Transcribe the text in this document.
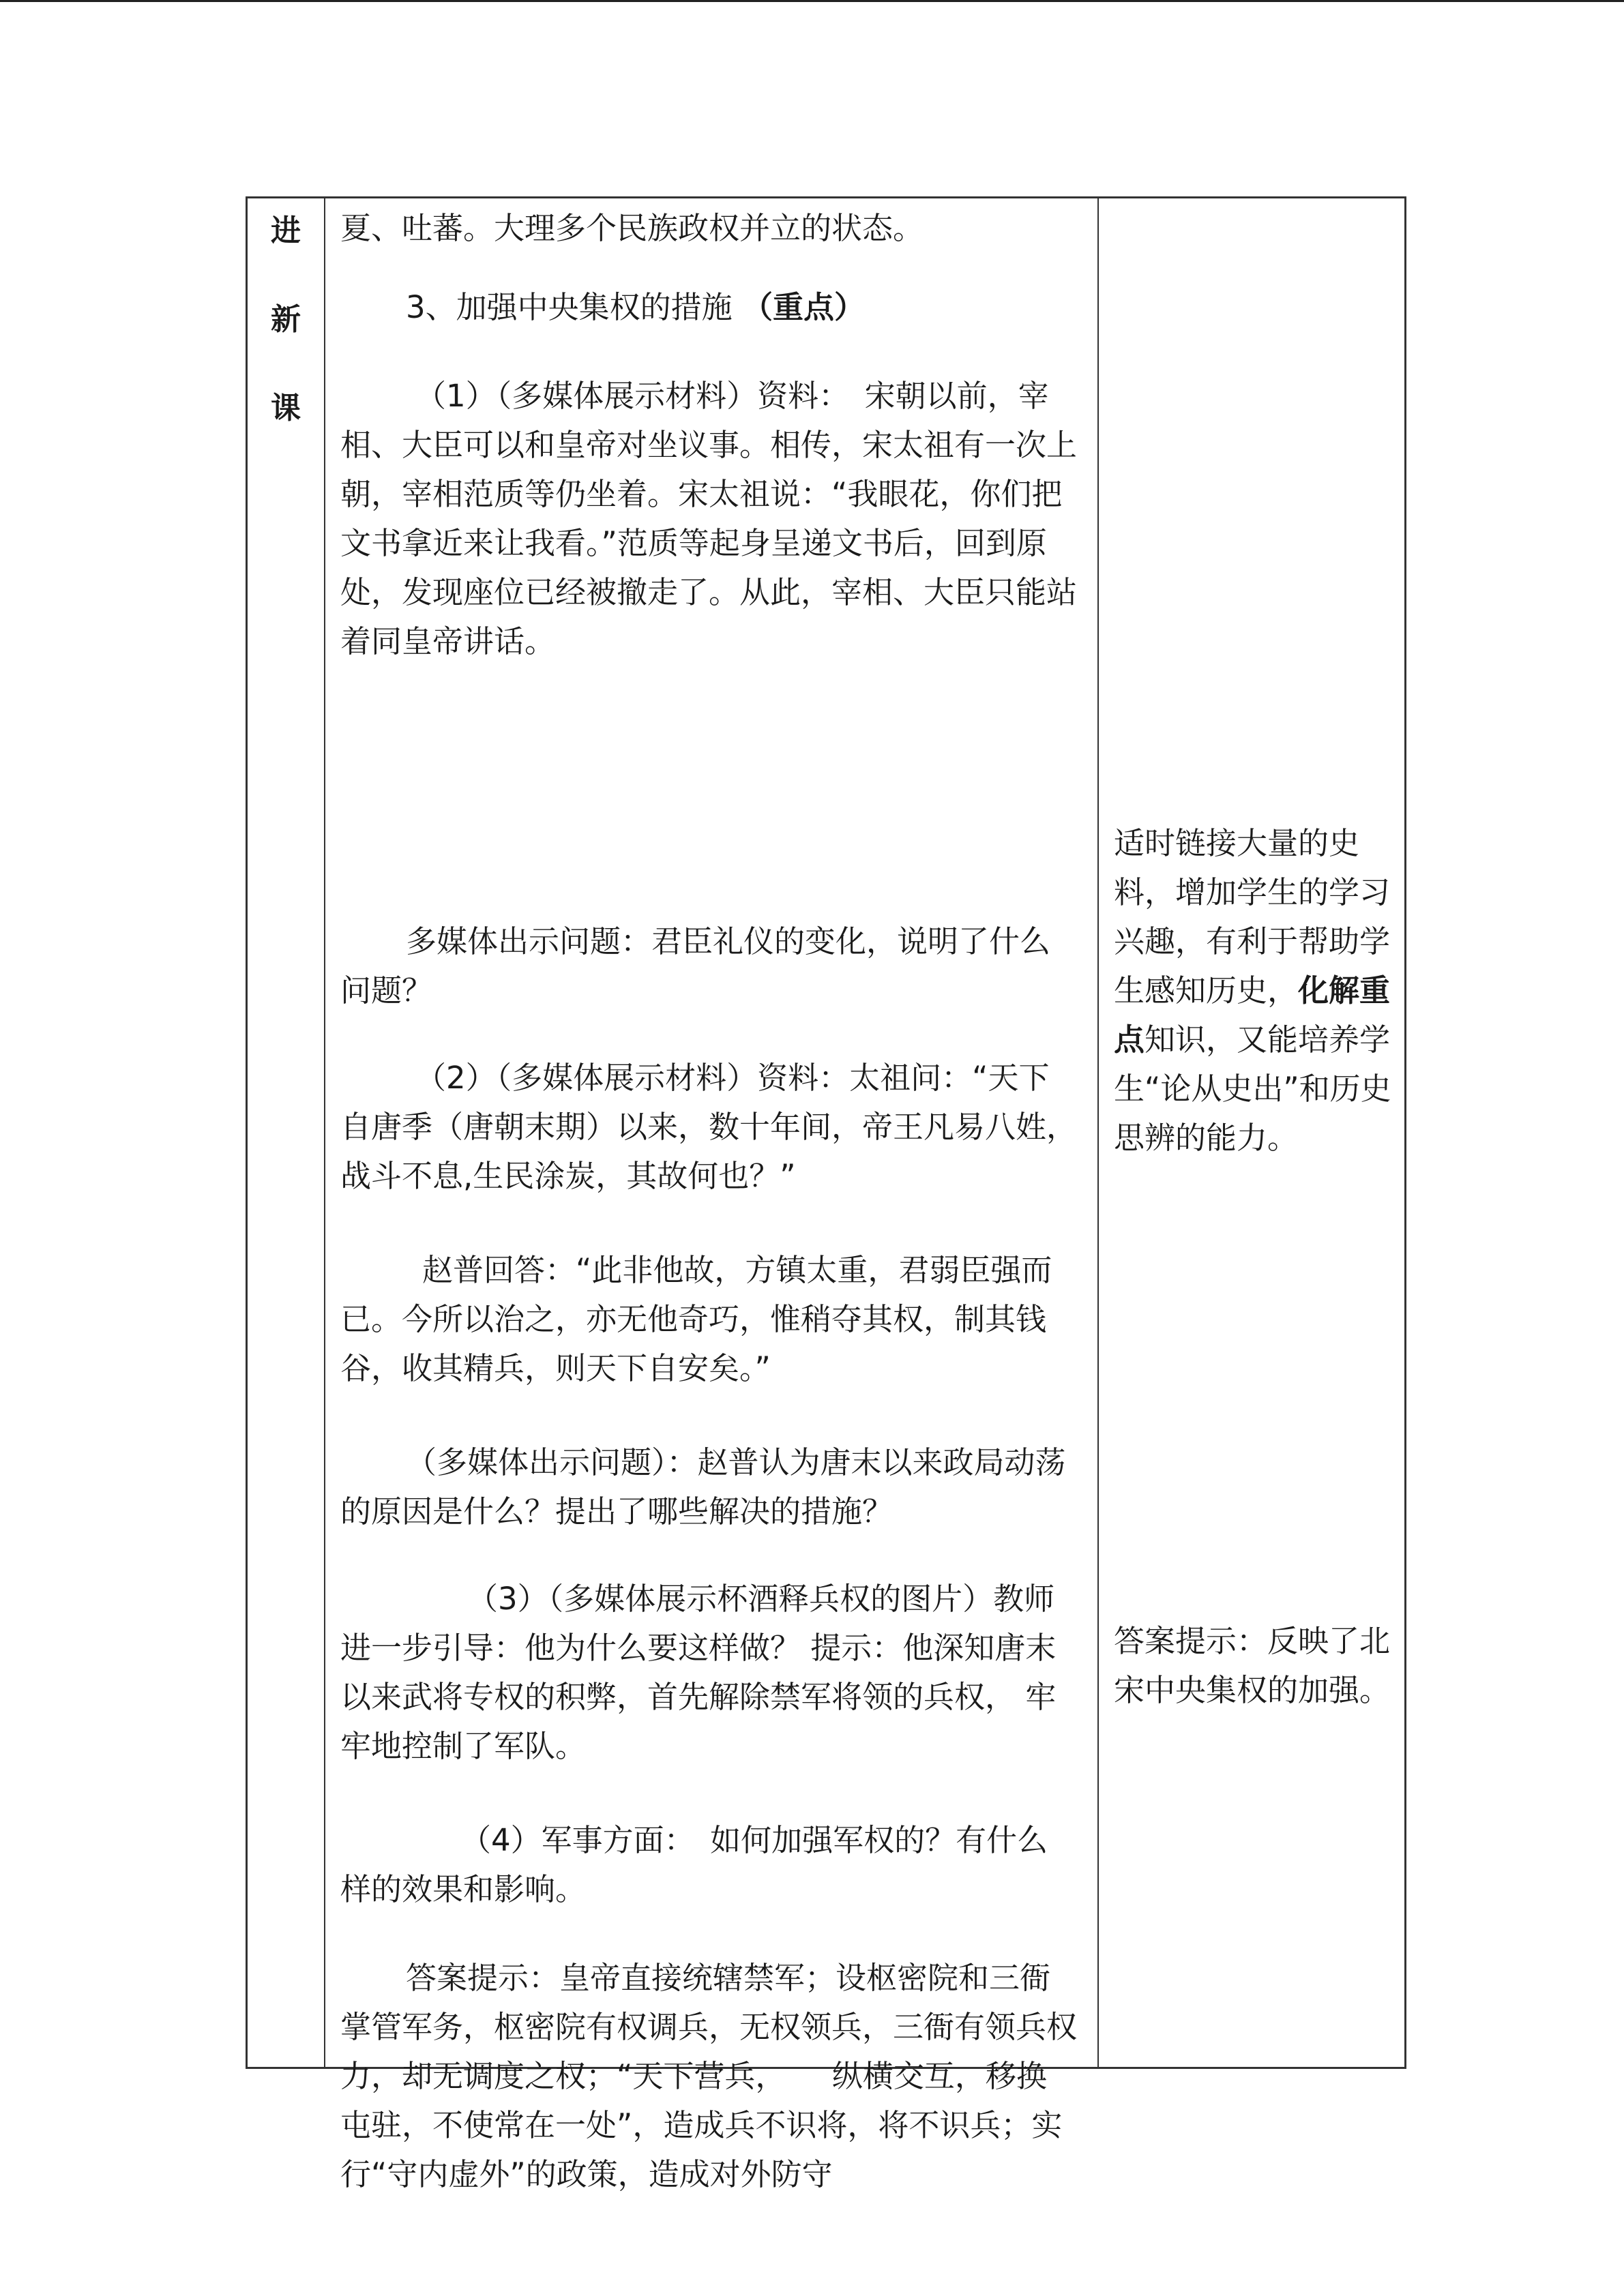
进
新
课

夏、吐蕃。大理多个民族政权并立的状态。

3、加强中央集权的措施 （重点）

（1）（多媒体展示材料）资料：　宋朝以前，宰相、大臣可以和皇帝对坐议事。相传，宋太祖有一次上朝，宰相范质等仍坐着。宋太祖说：“我眼花，你们把文书拿近来让我看。”范质等起身呈递文书后，回到原处，发现座位已经被撤走了。从此，宰相、大臣只能站着同皇帝讲话。

多媒体出示问题：君臣礼仪的变化，说明了什么问题？

（2）（多媒体展示材料）资料：太祖问：“天下自唐季（唐朝末期）以来，数十年间，帝王凡易八姓，战斗不息,生民涂炭，其故何也？”

赵普回答：“此非他故，方镇太重，君弱臣强而已。今所以治之，亦无他奇巧，惟稍夺其权，制其钱谷，收其精兵，则天下自安矣。”

（多媒体出示问题）：赵普认为唐末以来政局动荡的原因是什么？提出了哪些解决的措施？

（3）（多媒体展示杯酒释兵权的图片）教师进一步引导：他为什么要这样做？ 提示：他深知唐末以来武将专权的积弊，首先解除禁军将领的兵权， 牢牢地控制了军队。

（4）军事方面：　如何加强军权的？有什么样的效果和影响。

答案提示：皇帝直接统辖禁军；设枢密院和三衙掌管军务，枢密院有权调兵，无权领兵，三衙有领兵权力，却无调度之权；“天下营兵，　　纵横交互，移换屯驻，不使常在一处”，造成兵不识将，将不识兵；实行“守内虚外”的政策，造成对外防守

适时链接大量的史料，增加学生的学习兴趣，有利于帮助学生感知历史，化解重点知识，又能培养学生“论从史出”和历史思辨的能力。

答案提示：反映了北宋中央集权的加强。
